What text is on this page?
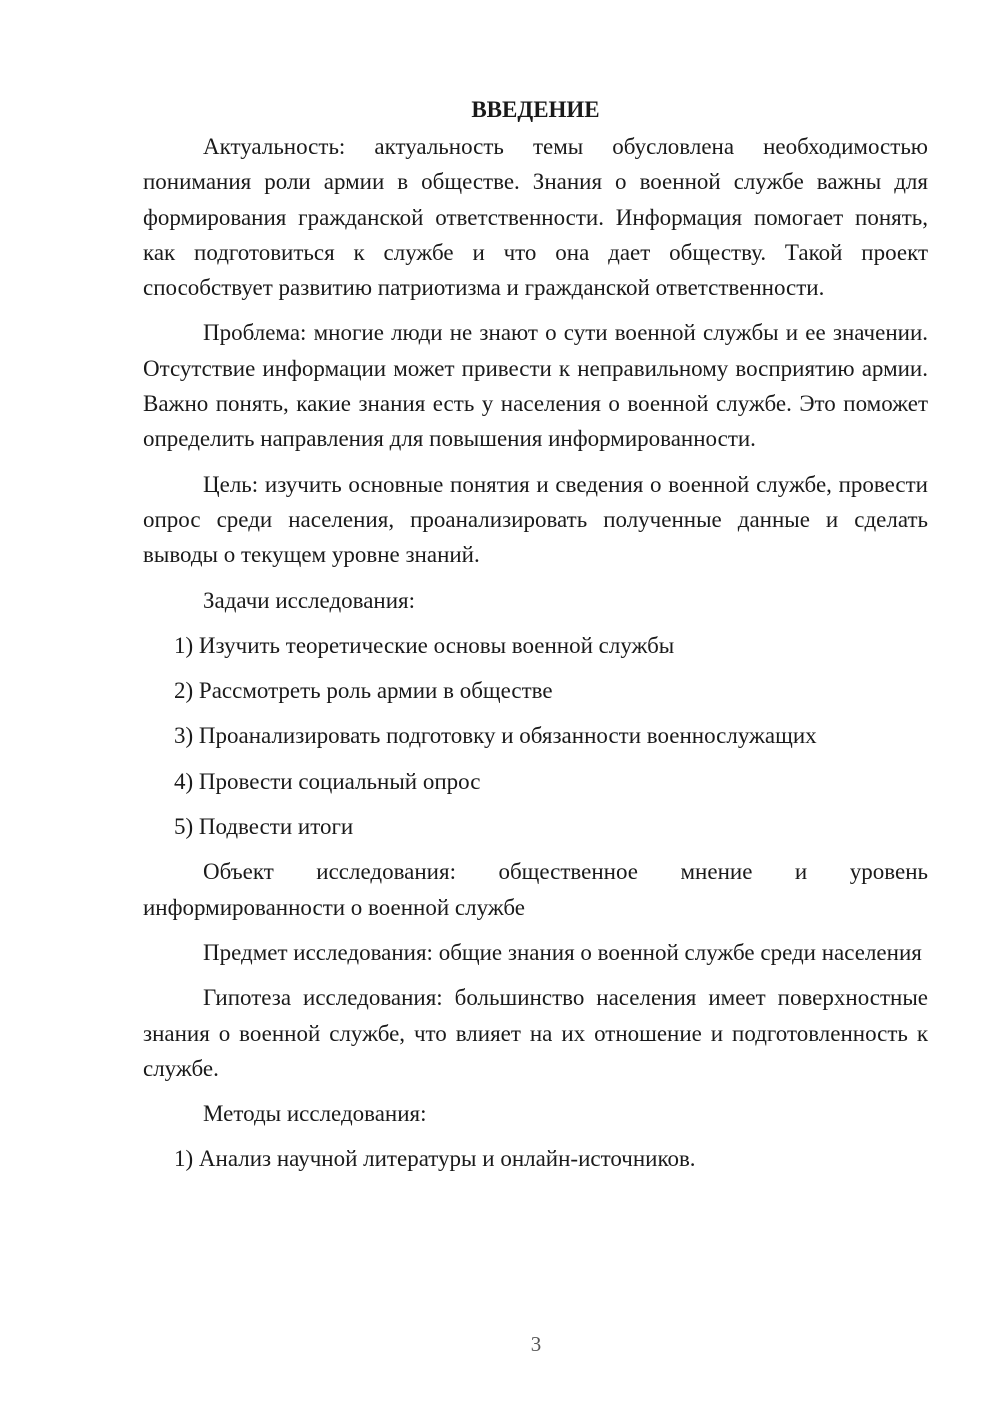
ВВЕДЕНИЕ

Актуальность: актуальность темы обусловлена необходимостью понимания роли армии в обществе. Знания о военной службе важны для формирования гражданской ответственности. Информация помогает понять, как подготовиться к службе и что она дает обществу. Такой проект способствует развитию патриотизма и гражданской ответственности.

Проблема: многие люди не знают о сути военной службы и ее значении. Отсутствие информации может привести к неправильному восприятию армии. Важно понять, какие знания есть у населения о военной службе. Это поможет определить направления для повышения информированности.

Цель: изучить основные понятия и сведения о военной службе, провести опрос среди населения, проанализировать полученные данные и сделать выводы о текущем уровне знаний.

Задачи исследования:

1) Изучить теоретические основы военной службы

2) Рассмотреть роль армии в обществе

3) Проанализировать подготовку и обязанности военнослужащих

4) Провести социальный опрос

5) Подвести итоги

Объект исследования: общественное мнение и уровень информированности о военной службе

Предмет исследования: общие знания о военной службе среди населения

Гипотеза исследования: большинство населения имеет поверхностные знания о военной службе, что влияет на их отношение и подготовленность к службе.

Методы исследования:

1) Анализ научной литературы и онлайн-источников.

3
